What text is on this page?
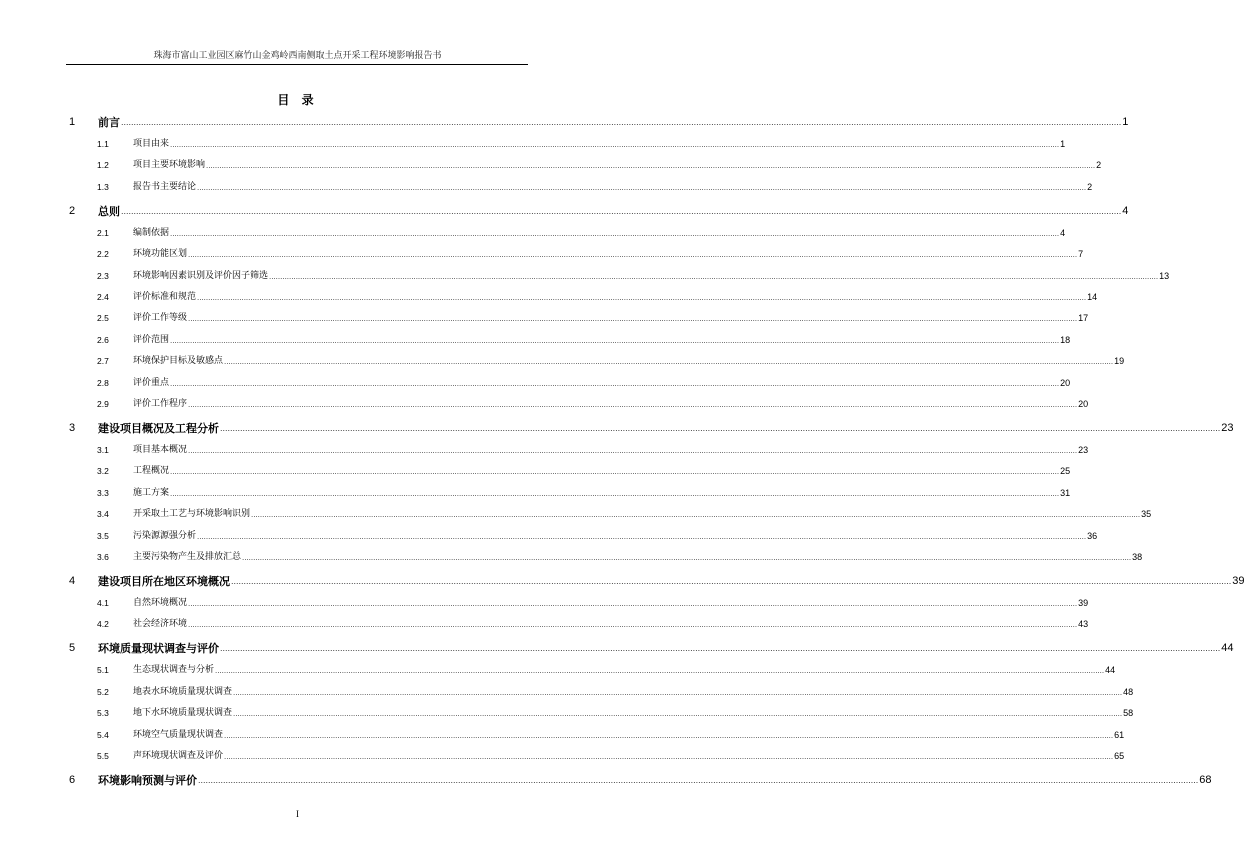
珠海市富山工业园区麻竹山金鸡岭西南侧取土点开采工程环境影响报告书
目 录
1 前言 ................................................................................................................................................................................................................................................................................................................................................................................................................ 1
1.1	项目由来 ................................................................................................................................................................................................................................................................................................................................................................................................................ 1
1.2	项目主要环境影响 ................................................................................................................................................................................................................................................................................................................................................................................................................ 2
1.3	报告书主要结论 ................................................................................................................................................................................................................................................................................................................................................................................................................ 2
2 总则 ................................................................................................................................................................................................................................................................................................................................................................................................................ 4
2.1	编制依据 ................................................................................................................................................................................................................................................................................................................................................................................................................ 4
2.2	环境功能区划 ................................................................................................................................................................................................................................................................................................................................................................................................................ 7
2.3	环境影响因素识别及评价因子筛选 ................................................................................................................................................................................................................................................................................................................................................................................................................ 13
2.4	评价标准和规范 ................................................................................................................................................................................................................................................................................................................................................................................................................ 14
2.5	评价工作等级 ................................................................................................................................................................................................................................................................................................................................................................................................................ 17
2.6	评价范围 ................................................................................................................................................................................................................................................................................................................................................................................................................ 18
2.7	环境保护目标及敏感点 ................................................................................................................................................................................................................................................................................................................................................................................................................ 19
2.8	评价重点 ................................................................................................................................................................................................................................................................................................................................................................................................................ 20
2.9	评价工作程序 ................................................................................................................................................................................................................................................................................................................................................................................................................ 20
3 建设项目概况及工程分析 ................................................................................................................................................................................................................................................................................................................................................................................................................ 23
3.1	项目基本概况 ................................................................................................................................................................................................................................................................................................................................................................................................................ 23
3.2	工程概况 ................................................................................................................................................................................................................................................................................................................................................................................................................ 25
3.3	施工方案 ................................................................................................................................................................................................................................................................................................................................................................................................................ 31
3.4	开采取土工艺与环境影响识别 ................................................................................................................................................................................................................................................................................................................................................................................................................ 35
3.5	污染源源强分析 ................................................................................................................................................................................................................................................................................................................................................................................................................ 36
3.6	主要污染物产生及排放汇总 ................................................................................................................................................................................................................................................................................................................................................................................................................ 38
4 建设项目所在地区环境概况 ................................................................................................................................................................................................................................................................................................................................................................................................................ 39
4.1	自然环境概况 ................................................................................................................................................................................................................................................................................................................................................................................................................ 39
4.2	社会经济环境 ................................................................................................................................................................................................................................................................................................................................................................................................................ 43
5 环境质量现状调查与评价 ................................................................................................................................................................................................................................................................................................................................................................................................................ 44
5.1	生态现状调查与分析 ................................................................................................................................................................................................................................................................................................................................................................................................................ 44
5.2	地表水环境质量现状调查 ................................................................................................................................................................................................................................................................................................................................................................................................................ 48
5.3	地下水环境质量现状调查 ................................................................................................................................................................................................................................................................................................................................................................................................................ 58
5.4	环境空气质量现状调查 ................................................................................................................................................................................................................................................................................................................................................................................................................ 61
5.5	声环境现状调查及评价 ................................................................................................................................................................................................................................................................................................................................................................................................................ 65
6 环境影响预测与评价 ................................................................................................................................................................................................................................................................................................................................................................................................................ 68
I
